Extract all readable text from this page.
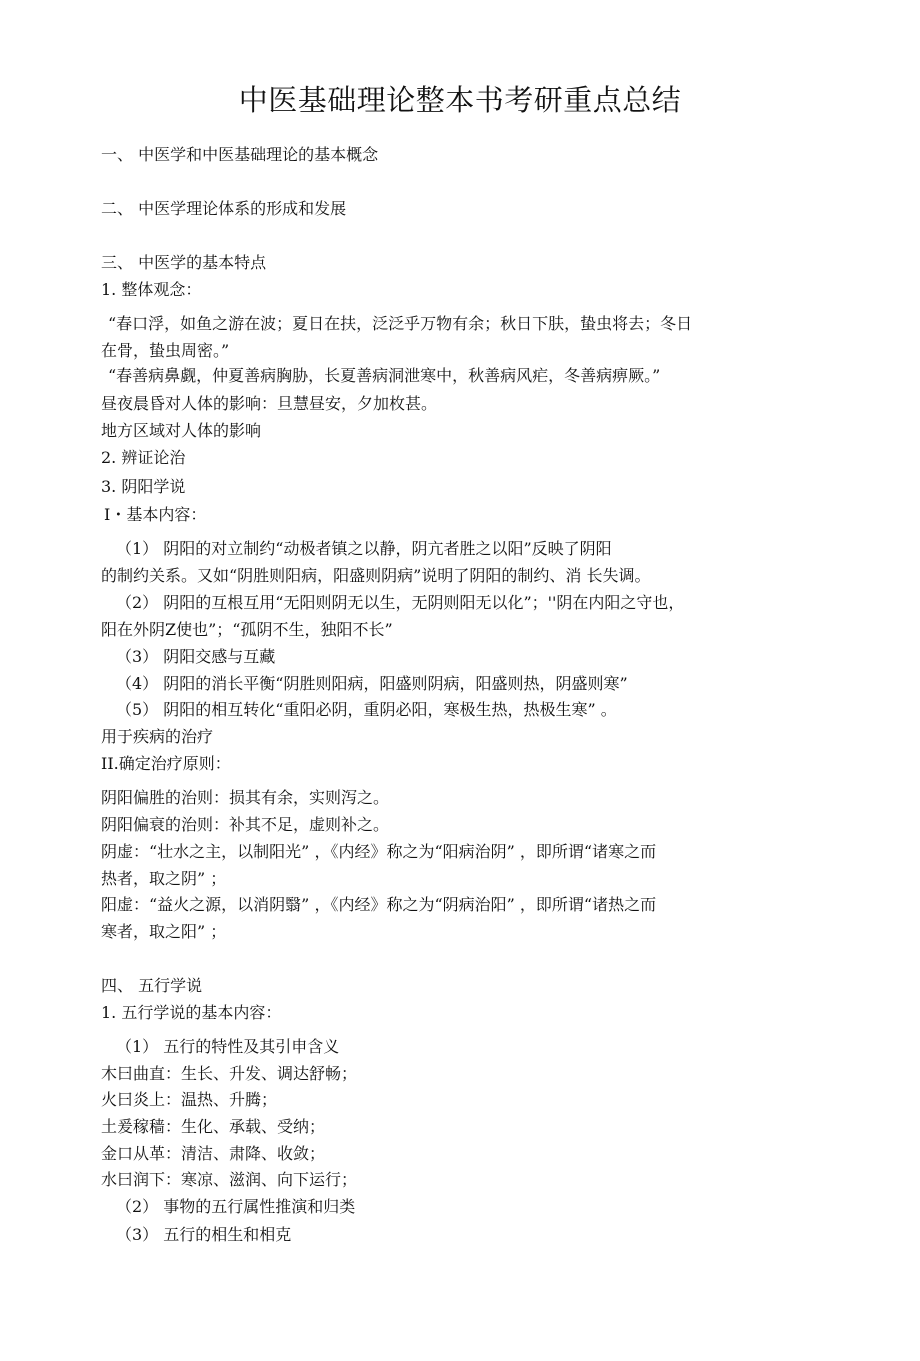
中医基础理论整本书考研重点总结
一、 中医学和中医基础理论的基本概念
二、 中医学理论体系的形成和发展
三、 中医学的基本特点
1. 整体观念：
“春口浮，如鱼之游在波；夏日在扶，泛泛乎万物有余；秋日下肤，蛰虫将去；冬日
在骨，蛰虫周密。”
“春善病鼻觑，仲夏善病胸胁，长夏善病洞泄寒中，秋善病风疟，冬善病痹厥。”
昼夜晨昏对人体的影响：旦慧昼安，夕加枚甚。
地方区域对人体的影响
2. 辨证论治
3. 阴阳学说
Ⅰ・基本内容：
（1） 阴阳的对立制约“动极者镇之以静，阴亢者胜之以阳”反映了阴阳
的制约关系。又如“阴胜则阳病，阳盛则阴病”说明了阴阳的制约、消 长失调。
（2） 阴阳的互根互用“无阳则阴无以生，无阴则阳无以化”；''阴在内阳之守也，
阳在外阴Z使也”；“孤阴不生，独阳不长”
（3） 阴阳交感与互藏
（4） 阴阳的消长平衡“阴胜则阳病，阳盛则阴病，阳盛则热，阴盛则寒”
（5） 阴阳的相互转化“重阳必阴，重阴必阳，寒极生热，热极生寒” 。
用于疾病的治疗
II.确定治疗原则：
阴阳偏胜的治则：损其有余，实则泻之。
阴阳偏衰的治则：补其不足，虚则补之。
阴虚：“壮水之主，以制阳光” ，《内经》称之为“阳病治阴” ，即所谓“诸寒之而
热者，取之阴” ；
阳虚：“益火之源，以消阴翳” ，《内经》称之为“阴病治阳” ，即所谓“诸热之而
寒者，取之阳” ；
四、 五行学说
1. 五行学说的基本内容：
（1） 五行的特性及其引申含义
木曰曲直：生长、升发、调达舒畅；
火曰炎上：温热、升腾；
土爰稼穑：生化、承载、受纳；
金口从革：清洁、肃降、收敛；
水曰润下：寒凉、滋润、向下运行；
（2） 事物的五行属性推演和归类
（3） 五行的相生和相克
